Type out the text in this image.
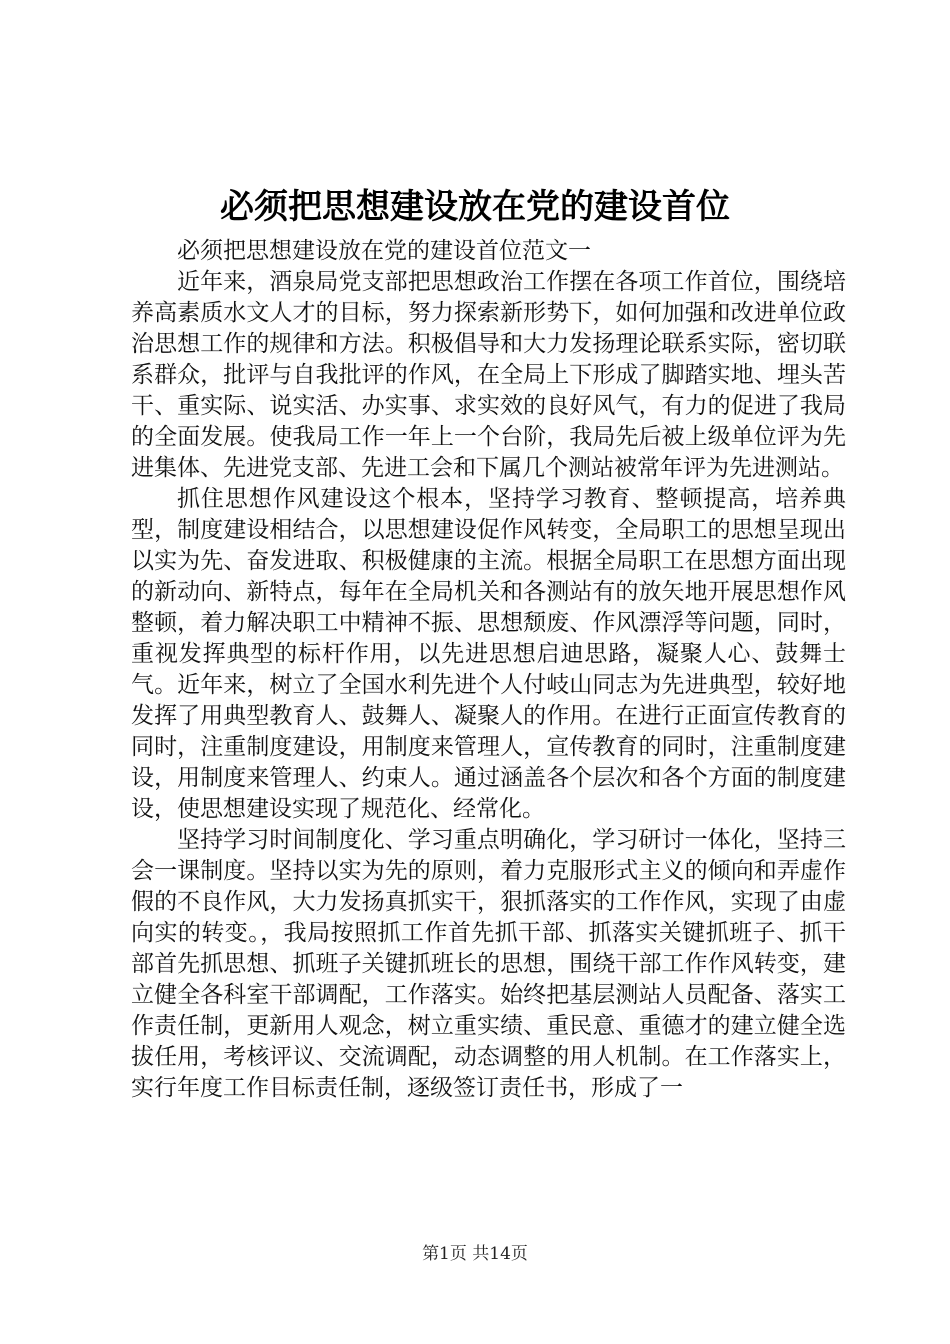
必须把思想建设放在党的建设首位

必须把思想建设放在党的建设首位范文一

近年来，酒泉局党支部把思想政治工作摆在各项工作首位，围绕培养高素质水文人才的目标，努力探索新形势下，如何加强和改进单位政治思想工作的规律和方法。积极倡导和大力发扬理论联系实际，密切联系群众，批评与自我批评的作风，在全局上下形成了脚踏实地、埋头苦干、重实际、说实活、办实事、求实效的良好风气，有力的促进了我局的全面发展。使我局工作一年上一个台阶，我局先后被上级单位评为先进集体、先进党支部、先进工会和下属几个测站被常年评为先进测站。

抓住思想作风建设这个根本，坚持学习教育、整顿提高，培养典型，制度建设相结合，以思想建设促作风转变，全局职工的思想呈现出以实为先、奋发进取、积极健康的主流。根据全局职工在思想方面出现的新动向、新特点，每年在全局机关和各测站有的放矢地开展思想作风整顿，着力解决职工中精神不振、思想颓废、作风漂浮等问题，同时，重视发挥典型的标杆作用，以先进思想启迪思路，凝聚人心、鼓舞士气。近年来，树立了全国水利先进个人付岐山同志为先进典型，较好地发挥了用典型教育人、鼓舞人、凝聚人的作用。在进行正面宣传教育的同时，注重制度建设，用制度来管理人，宣传教育的同时，注重制度建设，用制度来管理人、约束人。通过涵盖各个层次和各个方面的制度建设，使思想建设实现了规范化、经常化。

坚持学习时间制度化、学习重点明确化，学习研讨一体化，坚持三会一课制度。坚持以实为先的原则，着力克服形式主义的倾向和弄虚作假的不良作风，大力发扬真抓实干，狠抓落实的工作作风，实现了由虚向实的转变。，我局按照抓工作首先抓干部、抓落实关键抓班子、抓干部首先抓思想、抓班子关键抓班长的思想，围绕干部工作作风转变，建立健全各科室干部调配，工作落实。始终把基层测站人员配备、落实工作责任制，更新用人观念，树立重实绩、重民意、重德才的建立健全选拔任用，考核评议、交流调配，动态调整的用人机制。在工作落实上，实行年度工作目标责任制，逐级签订责任书，形成了一

第1页 共14页
